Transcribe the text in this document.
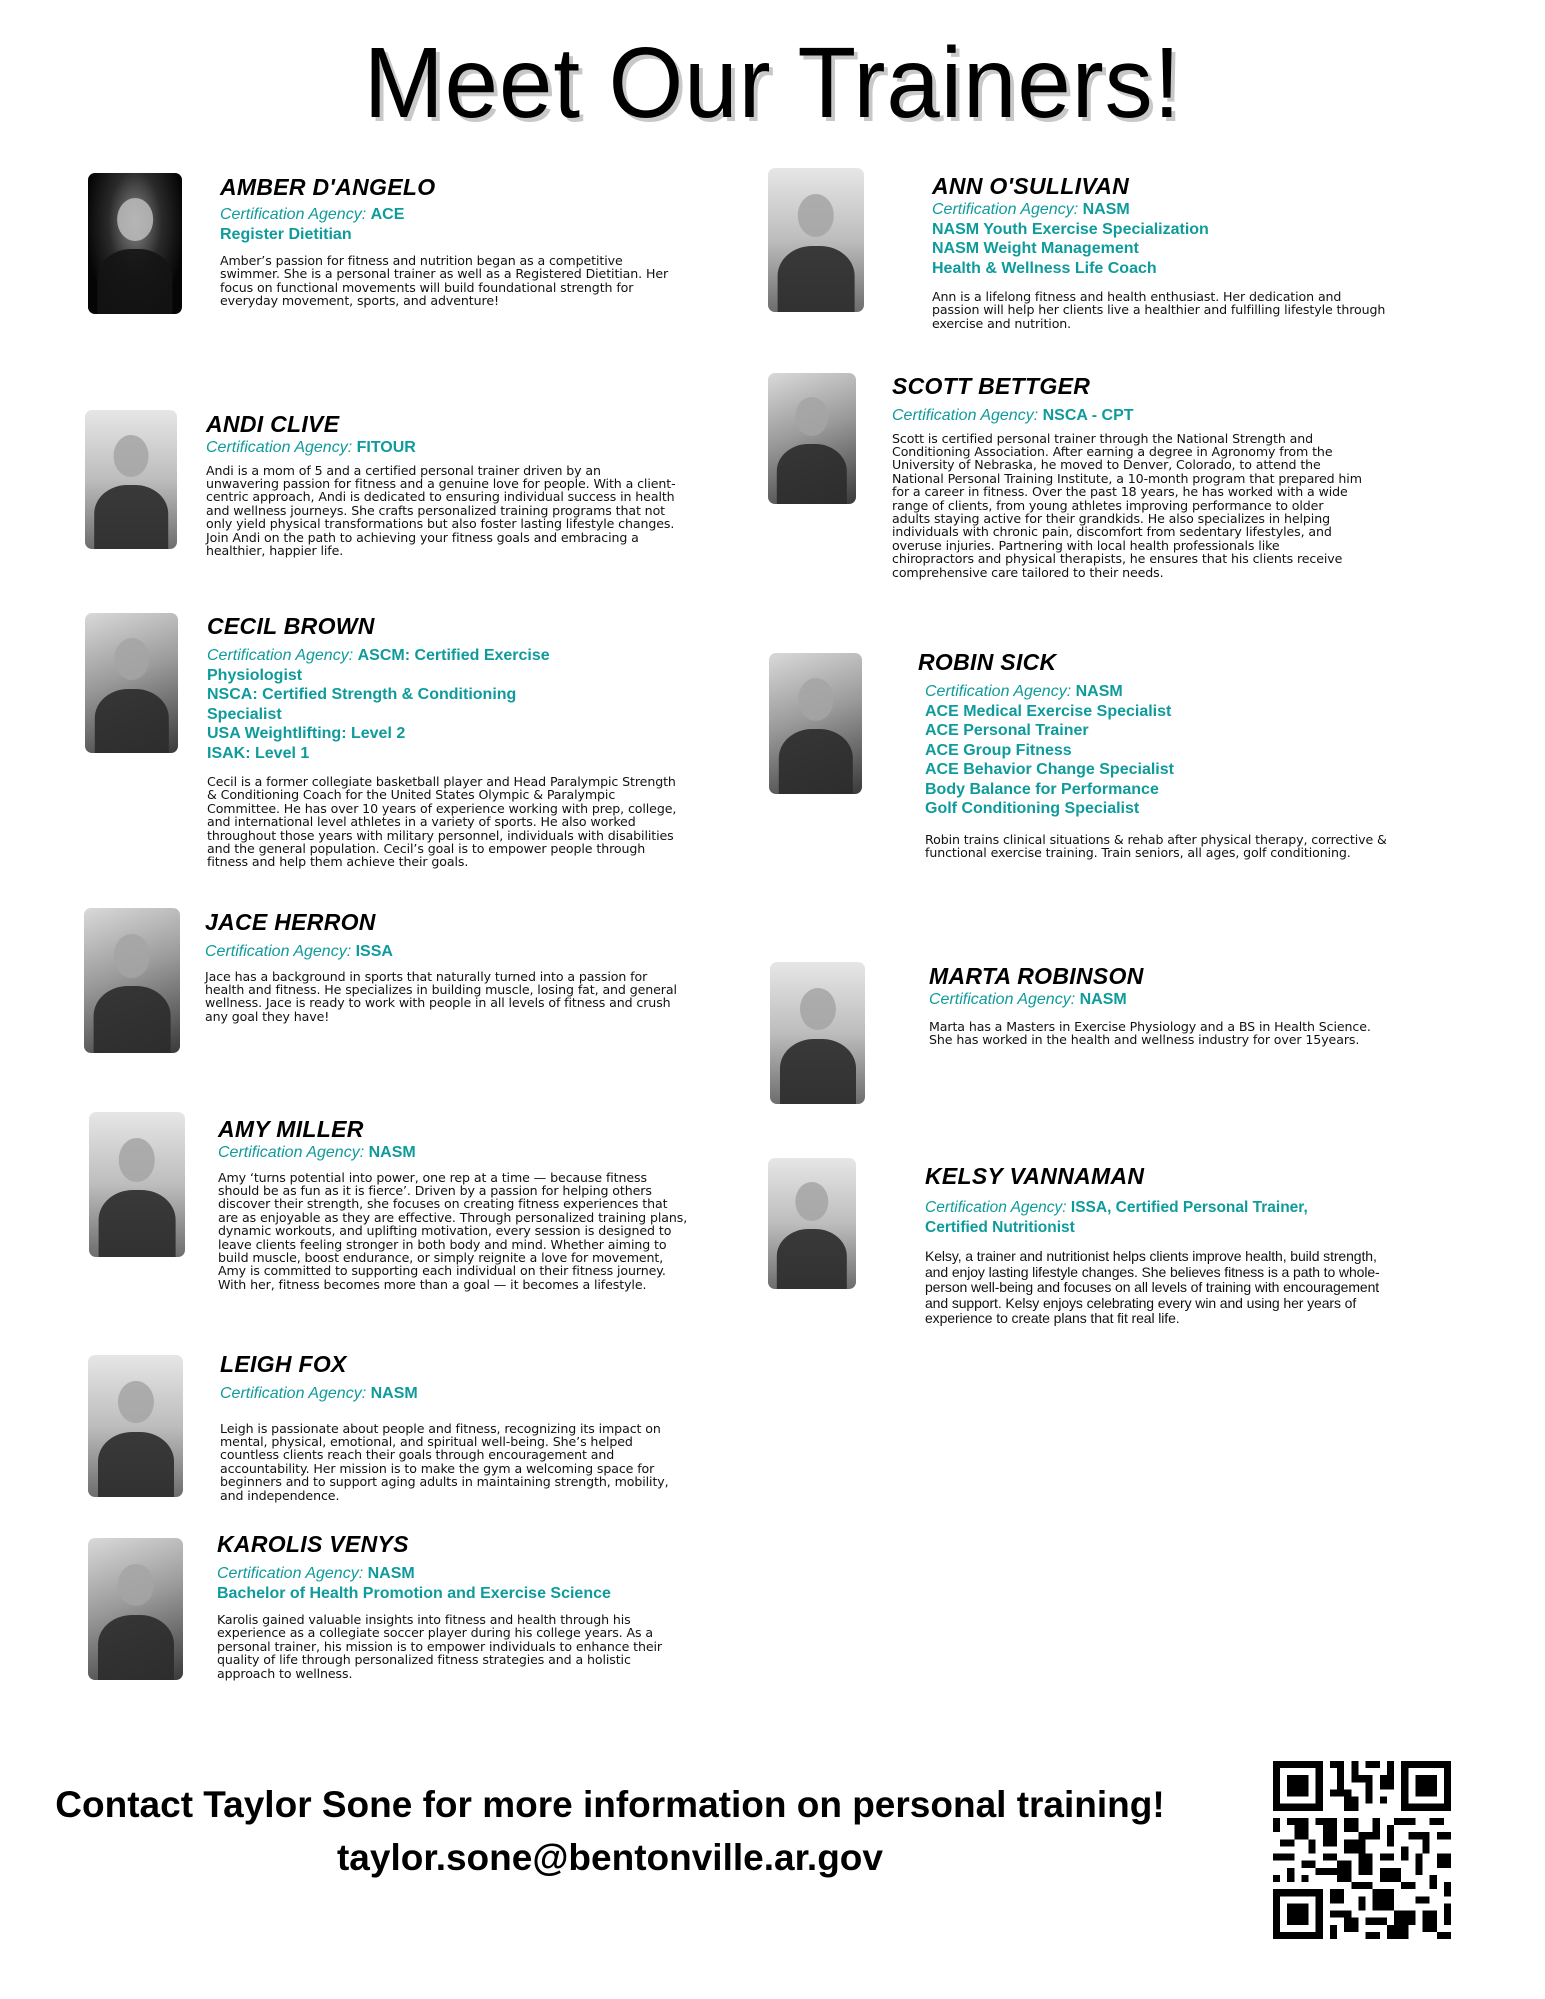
Meet Our Trainers!
AMBER D'ANGELO
Certification Agency: ACE
Register Dietitian
Amber’s passion for fitness and nutrition began as a competitive swimmer. She is a personal trainer as well as a Registered Dietitian. Her focus on functional movements will build foundational strength for everyday movement, sports, and adventure!
ANDI CLIVE
Certification Agency: FITOUR
Andi is a mom of 5 and a certified personal trainer driven by an unwavering passion for fitness and a genuine love for people. With a client-centric approach, Andi is dedicated to ensuring individual success in health and wellness journeys. She crafts personalized training programs that not only yield physical transformations but also foster lasting lifestyle changes. Join Andi on the path to achieving your fitness goals and embracing a healthier, happier life.
CECIL BROWN
Certification Agency: ASCM: Certified Exercise Physiologist
NSCA: Certified Strength & Conditioning Specialist
USA Weightlifting: Level 2
ISAK: Level 1
Cecil is a former collegiate basketball player and Head Paralympic Strength & Conditioning Coach for the United States Olympic & Paralympic Committee. He has over 10 years of experience working with prep, college, and international level athletes in a variety of sports. He also worked throughout those years with military personnel, individuals with disabilities and the general population. Cecil’s goal is to empower people through fitness and help them achieve their goals.
JACE HERRON
Certification Agency: ISSA
Jace has a background in sports that naturally turned into a passion for health and fitness. He specializes in building muscle, losing fat, and general wellness. Jace is ready to work with people in all levels of fitness and crush any goal they have!
AMY MILLER
Certification Agency: NASM
Amy ‘turns potential into power, one rep at a time — because fitness should be as fun as it is fierce’. Driven by a passion for helping others discover their strength, she focuses on creating fitness experiences that are as enjoyable as they are effective. Through personalized training plans, dynamic workouts, and uplifting motivation, every session is designed to leave clients feeling stronger in both body and mind. Whether aiming to build muscle, boost endurance, or simply reignite a love for movement, Amy is committed to supporting each individual on their fitness journey. With her, fitness becomes more than a goal — it becomes a lifestyle.
LEIGH FOX
Certification Agency: NASM
Leigh is passionate about people and fitness, recognizing its impact on mental, physical, emotional, and spiritual well-being. She’s helped countless clients reach their goals through encouragement and accountability. Her mission is to make the gym a welcoming space for beginners and to support aging adults in maintaining strength, mobility, and independence.
KAROLIS VENYS
Certification Agency: NASM
Bachelor of Health Promotion and Exercise Science
Karolis gained valuable insights into fitness and health through his experience as a collegiate soccer player during his college years. As a personal trainer, his mission is to empower individuals to enhance their quality of life through personalized fitness strategies and a holistic approach to wellness.
ANN O'SULLIVAN
Certification Agency: NASM
NASM Youth Exercise Specialization
NASM Weight Management
Health & Wellness Life Coach
Ann is a lifelong fitness and health enthusiast. Her dedication and passion will help her clients live a healthier and fulfilling lifestyle through exercise and nutrition.
SCOTT BETTGER
Certification Agency: NSCA - CPT
Scott is certified personal trainer through the National Strength and Conditioning Association. After earning a degree in Agronomy from the University of Nebraska, he moved to Denver, Colorado, to attend the National Personal Training Institute, a 10-month program that prepared him for a career in fitness. Over the past 18 years, he has worked with a wide range of clients, from young athletes improving performance to older adults staying active for their grandkids. He also specializes in helping individuals with chronic pain, discomfort from sedentary lifestyles, and overuse injuries. Partnering with local health professionals like chiropractors and physical therapists, he ensures that his clients receive comprehensive care tailored to their needs.
ROBIN SICK
Certification Agency: NASM
ACE Medical Exercise Specialist
ACE Personal Trainer
ACE Group Fitness
ACE Behavior Change Specialist
Body Balance for Performance
Golf Conditioning Specialist
Robin trains clinical situations & rehab after physical therapy, corrective & functional exercise training. Train seniors, all ages, golf conditioning.
MARTA ROBINSON
Certification Agency: NASM
Marta has a Masters in Exercise Physiology and a BS in Health Science. She has worked in the health and wellness industry for over 15years.
KELSY VANNAMAN
Certification Agency: ISSA, Certified Personal Trainer, Certified Nutritionist
Kelsy, a trainer and nutritionist helps clients improve health, build strength, and enjoy lasting lifestyle changes. She believes fitness is a path to whole-person well-being and focuses on all levels of training with encouragement and support. Kelsy enjoys celebrating every win and using her years of experience to create plans that fit real life.
Contact Taylor Sone for more information on personal training!
taylor.sone@bentonville.ar.gov
